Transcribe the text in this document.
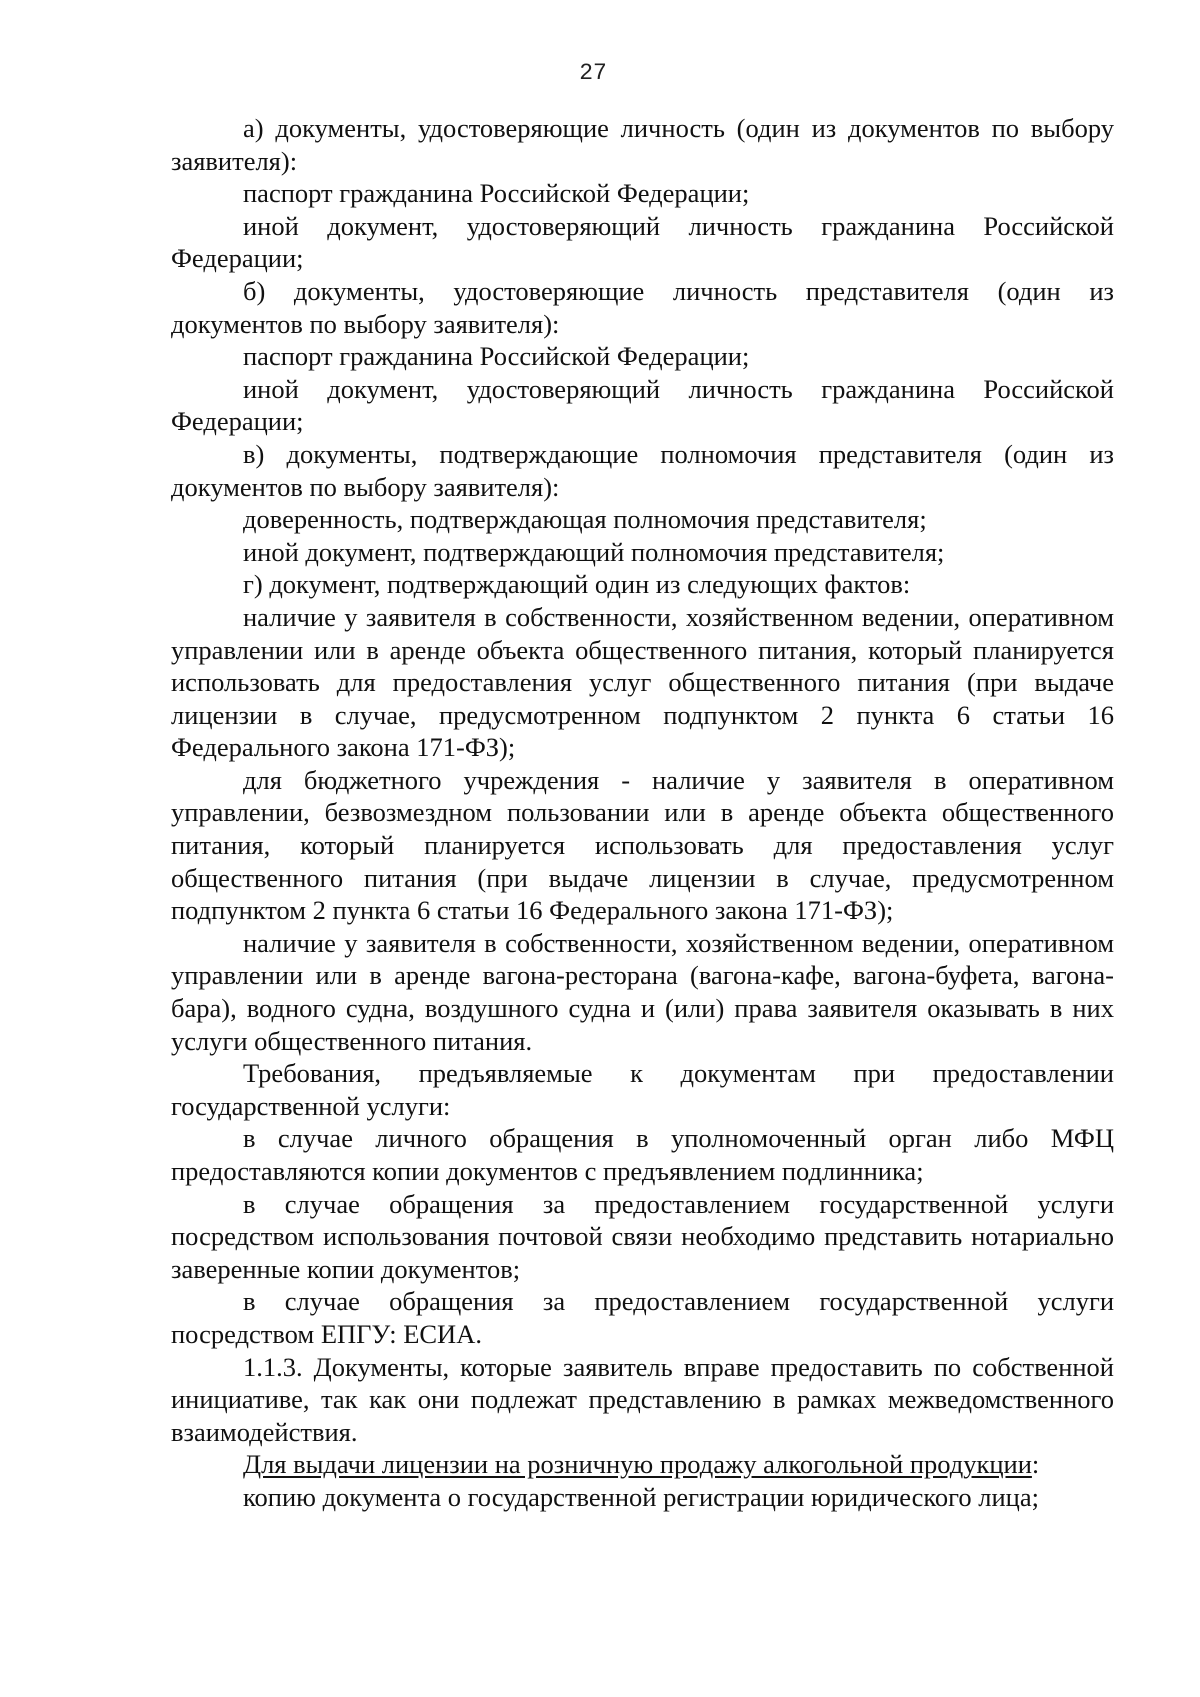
27

а) документы, удостоверяющие личность (один из документов по выбору заявителя):

паспорт гражданина Российской Федерации;

иной документ, удостоверяющий личность гражданина Российской Федерации;

б) документы, удостоверяющие личность представителя (один из документов по выбору заявителя):

паспорт гражданина Российской Федерации;

иной документ, удостоверяющий личность гражданина Российской Федерации;

в) документы, подтверждающие полномочия представителя (один из документов по выбору заявителя):

доверенность, подтверждающая полномочия представителя;

иной документ, подтверждающий полномочия представителя;

г) документ, подтверждающий один из следующих фактов:

наличие у заявителя в собственности, хозяйственном ведении, оперативном управлении или в аренде объекта общественного питания, который планируется использовать для предоставления услуг общественного питания (при выдаче лицензии в случае, предусмотренном подпунктом 2 пункта 6 статьи 16 Федерального закона 171-ФЗ);

для бюджетного учреждения - наличие у заявителя в оперативном управлении, безвозмездном пользовании или в аренде объекта общественного питания, который планируется использовать для предоставления услуг общественного питания (при выдаче лицензии в случае, предусмотренном подпунктом 2 пункта 6 статьи 16 Федерального закона 171-ФЗ);

наличие у заявителя в собственности, хозяйственном ведении, оперативном управлении или в аренде вагона-ресторана (вагона-кафе, вагона-буфета, вагона-бара), водного судна, воздушного судна и (или) права заявителя оказывать в них услуги общественного питания.

Требования, предъявляемые к документам при предоставлении государственной услуги:

в случае личного обращения в уполномоченный орган либо МФЦ предоставляются копии документов с предъявлением подлинника;

в случае обращения за предоставлением государственной услуги посредством использования почтовой связи необходимо представить нотариально заверенные копии документов;

в случае обращения за предоставлением государственной услуги посредством ЕПГУ: ЕСИА.

1.1.3. Документы, которые заявитель вправе предоставить по собственной инициативе, так как они подлежат представлению в рамках межведомственного взаимодействия.

Для выдачи лицензии на розничную продажу алкогольной продукции:

копию документа о государственной регистрации юридического лица;
